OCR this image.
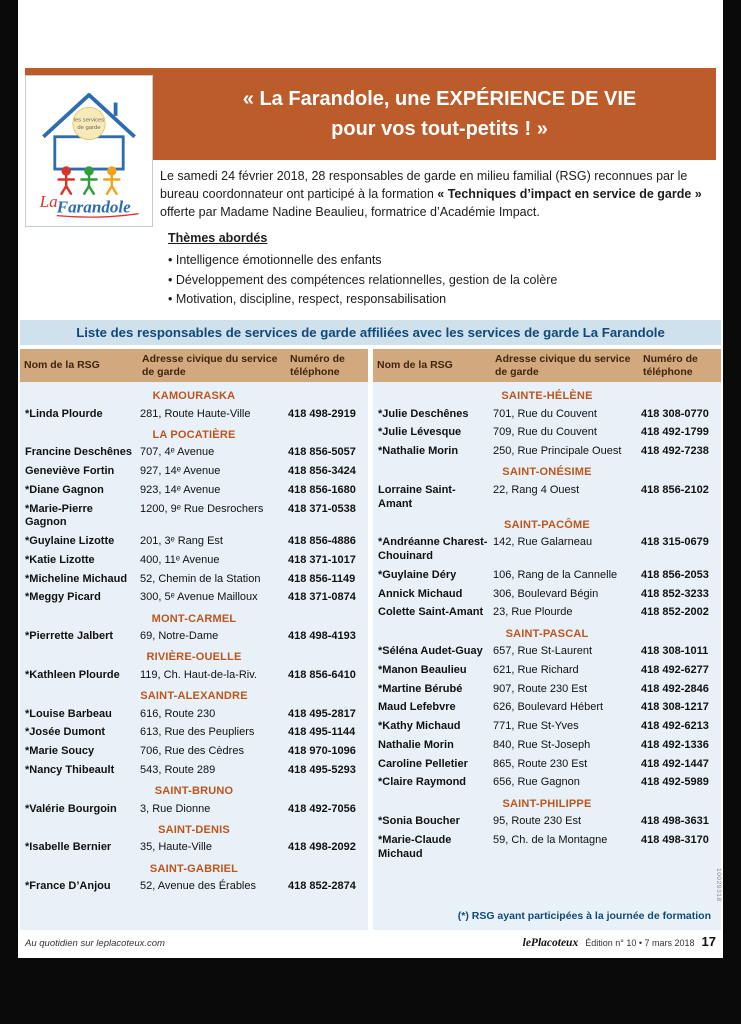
« La Farandole, une EXPÉRIENCE DE VIE
pour vos tout-petits ! »
les services
de garde
La Farandole

Le samedi 24 février 2018, 28 responsables de garde en milieu familial (RSG) reconnues par le bureau coordonnateur ont participé à la formation « Techniques d’impact en service de garde » offerte par Madame Nadine Beaulieu, formatrice d’Académie Impact.

Thèmes abordés
• Intelligence émotionnelle des enfants
• Développement des compétences relationnelles, gestion de la colère
• Motivation, discipline, respect, responsabilisation
Liste des responsables de services de garde affiliées avec les services de garde La Farandole
Nom de la RSG
Adresse civique du service de garde
Numéro de téléphone
KAMOURASKA
*Linda Plourde	281, Route Haute-Ville	418 498-2919
LA POCATIÈRE
Francine Deschênes 707, 4ᵉ Avenue	418 856-5057
Geneviève Fortin	927, 14ᵉ Avenue	418 856-3424
*Diane Gagnon	923, 14ᵉ Avenue	418 856-1680
*Marie-Pierre Gagnon
1200, 9ᵉ Rue Desrochers	418 371-0538
*Guylaine Lizotte	201, 3ᵉ Rang Est	418 856-4886
*Katie Lizotte	400, 11ᵉ Avenue	418 371-1017
*Micheline Michaud	52, Chemin de la Station	418 856-1149
*Meggy Picard	300, 5ᵉ Avenue Mailloux	418 371-0874
MONT-CARMEL
*Pierrette Jalbert	69, Notre-Dame	418 498-4193
RIVIÈRE-OUELLE
*Kathleen Plourde	119, Ch. Haut-de-la-Riv.	418 856-6410
SAINT-ALEXANDRE
*Louise Barbeau	616, Route 230	418 495-2817
*Josée Dumont	613, Rue des Peupliers	418 495-1144
*Marie Soucy	706, Rue des Cèdres	418 970-1096
*Nancy Thibeault	543, Route 289	418 495-5293
SAINT-BRUNO
*Valérie Bourgoin	3, Rue Dionne	418 492-7056
SAINT-DENIS
*Isabelle Bernier	35, Haute-Ville	418 498-2092
SAINT-GABRIEL
*France D’Anjou	52, Avenue des Érables	418 852-2874
Nom de la RSG
Adresse civique du service de garde
Numéro de téléphone
SAINTE-HÉLÈNE
*Julie Deschênes	701, Rue du Couvent	418 308-0770
*Julie Lévesque	709, Rue du Couvent	418 492-1799
*Nathalie Morin	250, Rue Principale Ouest	418 492-7238
SAINT-ONÉSIME
Lorraine Saint-Amant
22, Rang 4 Ouest	418 856-2102
SAINT-PACÔME
*Andréanne Charest-Chouinard
142, Rue Galarneau	418 315-0679
*Guylaine Déry	106, Rang de la Cannelle	418 856-2053
Annick Michaud	306, Boulevard Bégin	418 852-3233
Colette Saint-Amant 23, Rue Plourde	418 852-2002
SAINT-PASCAL
*Séléna Audet-Guay 657, Rue St-Laurent	418 308-1011
*Manon Beaulieu	621, Rue Richard	418 492-6277
*Martine Bérubé	907, Route 230 Est	418 492-2846
Maud Lefebvre	626, Boulevard Hébert	418 308-1217
*Kathy Michaud	771, Rue St-Yves	418 492-6213
Nathalie Morin	840, Rue St-Joseph	418 492-1336
Caroline Pelletier	865, Route 230 Est	418 492-1447
*Claire Raymond	656, Rue Gagnon	418 492-5989
SAINT-PHILIPPE
*Sonia Boucher	95, Route 230 Est	418 498-3631
*Marie-Claude Michaud
59, Ch. de la Montagne	418 498-3170
(*) RSG ayant participées à la journée de formation
Au quotidien sur leplacoteux.com	lePlacoteux Édition n° 10 • 7 mars 2018 17
10029318
